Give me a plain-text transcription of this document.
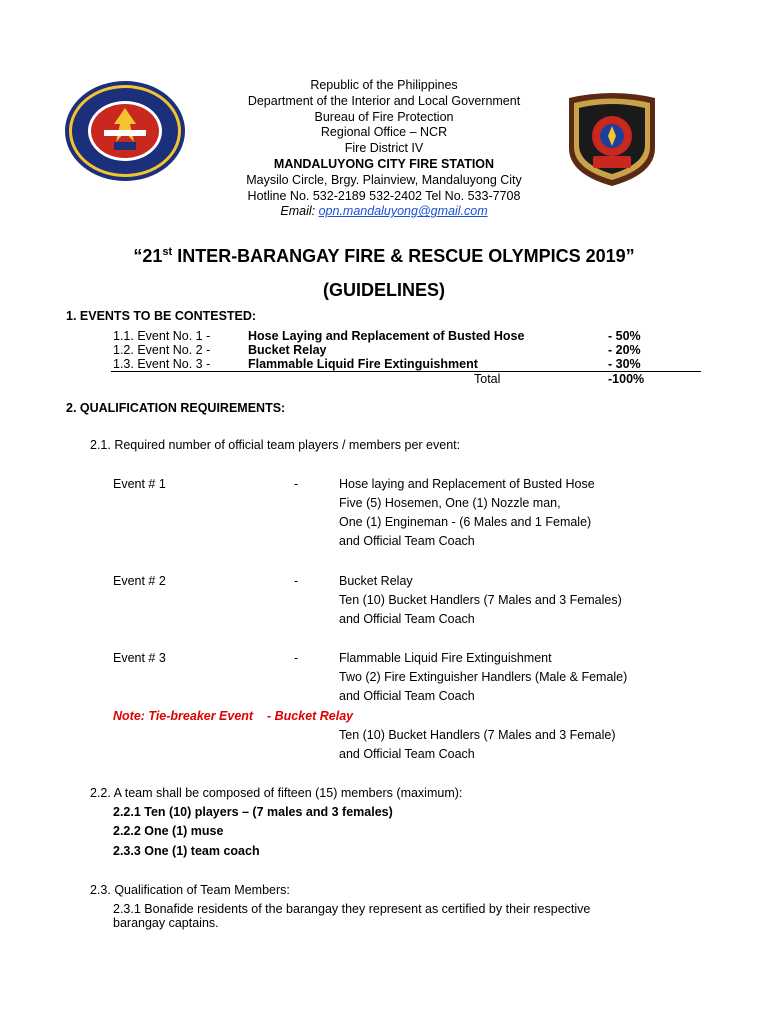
Republic of the Philippines
Department of the Interior and Local Government
Bureau of Fire Protection
Regional Office – NCR
Fire District IV
MANDALUYONG CITY FIRE STATION
Maysilo Circle, Brgy. Plainview, Mandaluyong City
Hotline No. 532-2189 532-2402 Tel No. 533-7708
Email: opn.mandaluyong@gmail.com
“21st INTER-BARANGAY FIRE & RESCUE OLYMPICS 2019”
(GUIDELINES)
1. EVENTS TO BE CONTESTED:
1.1. Event No. 1 -	Hose Laying and Replacement of Busted Hose	- 50%
1.2. Event No. 2 -	Bucket Relay	- 20%
1.3. Event No. 3 -	Flammable Liquid Fire Extinguishment	- 30%
Total	-100%
2. QUALIFICATION REQUIREMENTS:
2.1. Required number of official team players / members per event:
Event # 1	-	Hose laying and Replacement of Busted Hose
Five (5) Hosemen, One (1) Nozzle man,
One (1) Engineman - (6 Males and 1 Female)
and Official Team Coach
Event # 2	-	Bucket Relay
Ten (10) Bucket Handlers (7 Males and 3 Females)
and Official Team Coach
Event # 3	-	Flammable Liquid Fire Extinguishment
Two (2) Fire Extinguisher Handlers (Male & Female)
and Official Team Coach
Note: Tie-breaker Event    - Bucket Relay
Ten (10) Bucket Handlers (7 Males and 3 Female)
and Official Team Coach
2.2. A team shall be composed of fifteen (15) members (maximum):
2.2.1 Ten (10) players – (7 males and 3 females)
2.2.2 One (1) muse
2.3.3 One (1) team coach
2.3. Qualification of Team Members:
2.3.1 Bonafide residents of the barangay they represent as certified by their respective
barangay captains.
